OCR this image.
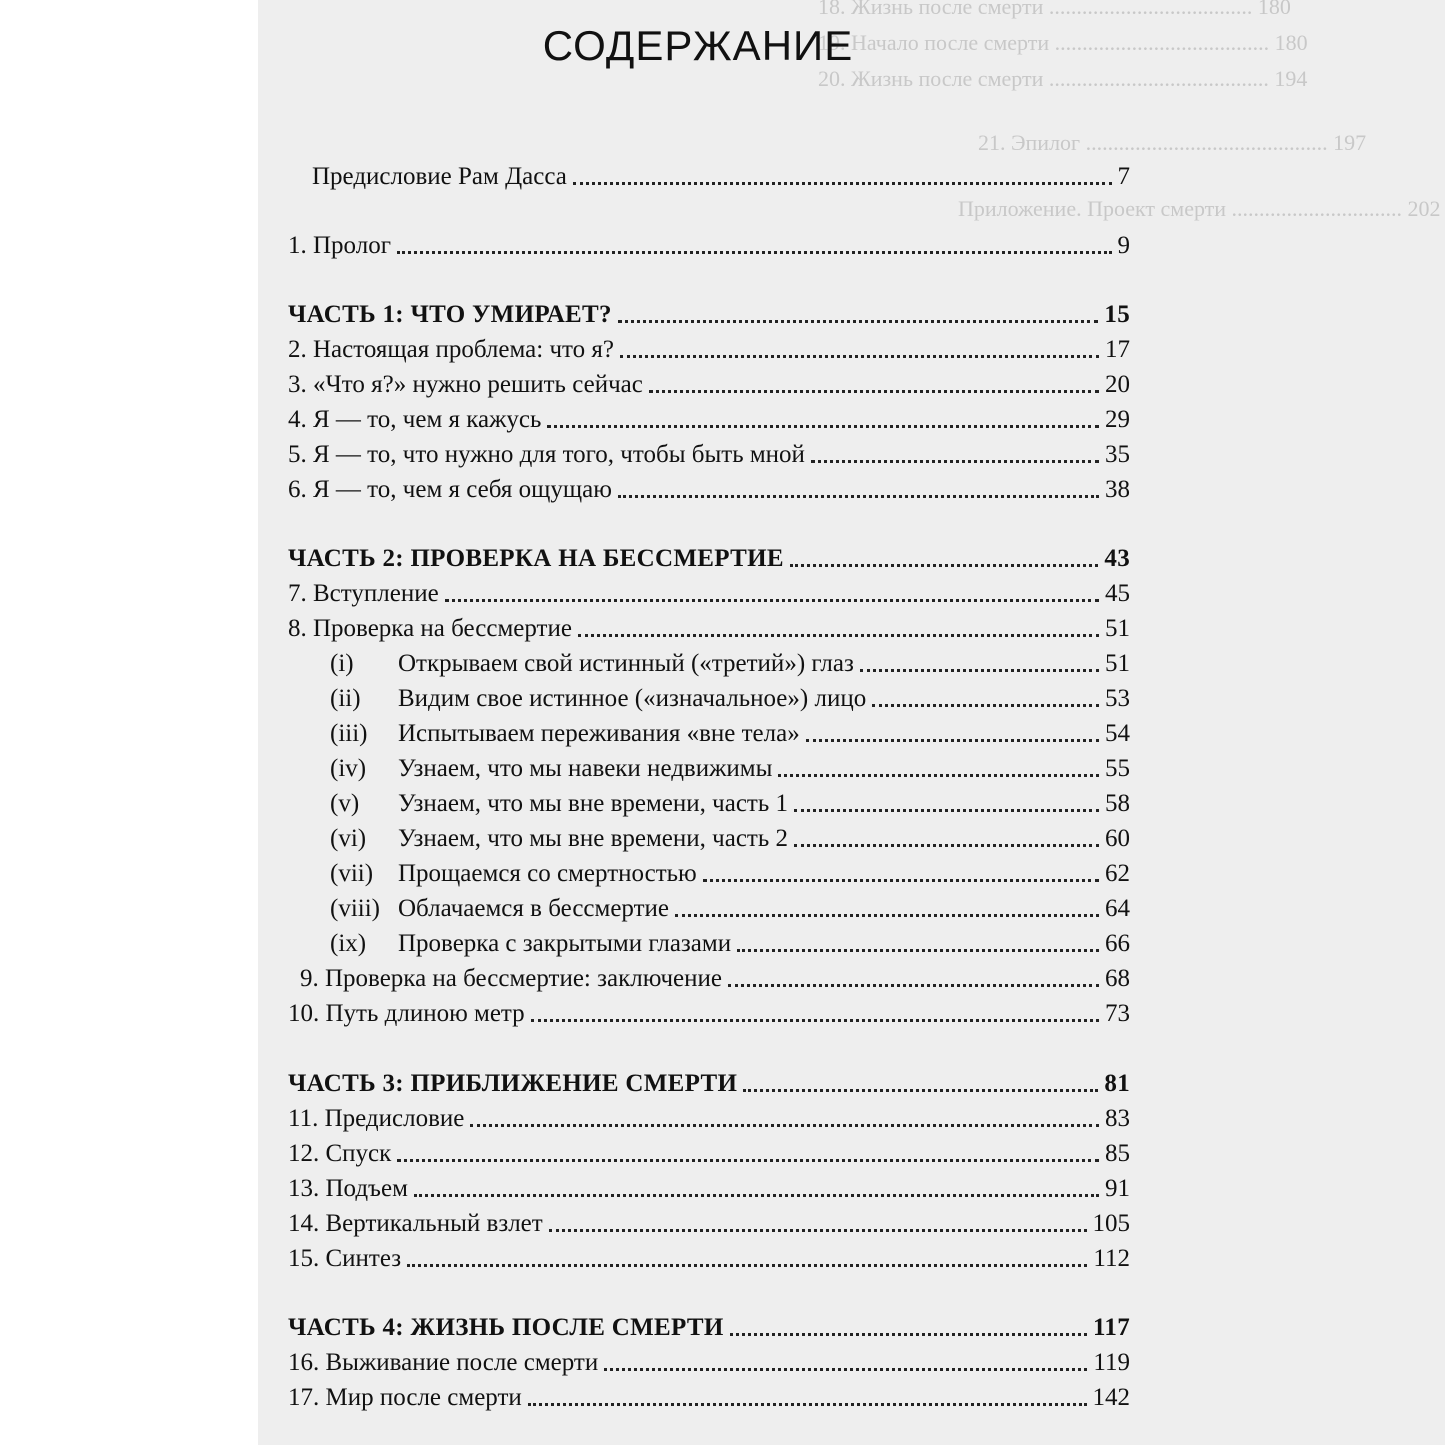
18. Жизнь после смерти ..................................... 180
19. Начало после смерти ....................................... 180
20. Жизнь после смерти ........................................ 194
21. Эпилог ............................................ 197
Приложение. Проект смерти ............................... 202
СОДЕРЖАНИЕ
Предисловие Рам Дасса	7
1. Пролог	9
ЧАСТЬ 1: ЧТО УМИРАЕТ?	15
2. Настоящая проблема: что я?	17
3. «Что я?» нужно решить сейчас	20
4. Я — то, чем я кажусь	29
5. Я — то, что нужно для того, чтобы быть мной	35
6. Я — то, чем я себя ощущаю	38
ЧАСТЬ 2: ПРОВЕРКА НА БЕССМЕРТИЕ	43
7. Вступление	45
8. Проверка на бессмертие	51
(i) Открываем свой истинный («третий») глаз	51
(ii) Видим свое истинное («изначальное») лицо	53
(iii) Испытываем переживания «вне тела»	54
(iv) Узнаем, что мы навеки недвижимы	55
(v) Узнаем, что мы вне времени, часть 1	58
(vi) Узнаем, что мы вне времени, часть 2	60
(vii) Прощаемся со смертностью	62
(viii) Облачаемся в бессмертие	64
(ix) Проверка с закрытыми глазами	66
9. Проверка на бессмертие: заключение	68
10. Путь длиною метр	73
ЧАСТЬ 3: ПРИБЛИЖЕНИЕ СМЕРТИ	81
11. Предисловие	83
12. Спуск	85
13. Подъем	91
14. Вертикальный взлет	105
15. Синтез	112
ЧАСТЬ 4: ЖИЗНЬ ПОСЛЕ СМЕРТИ	117
16. Выживание после смерти	119
17. Мир после смерти	142
